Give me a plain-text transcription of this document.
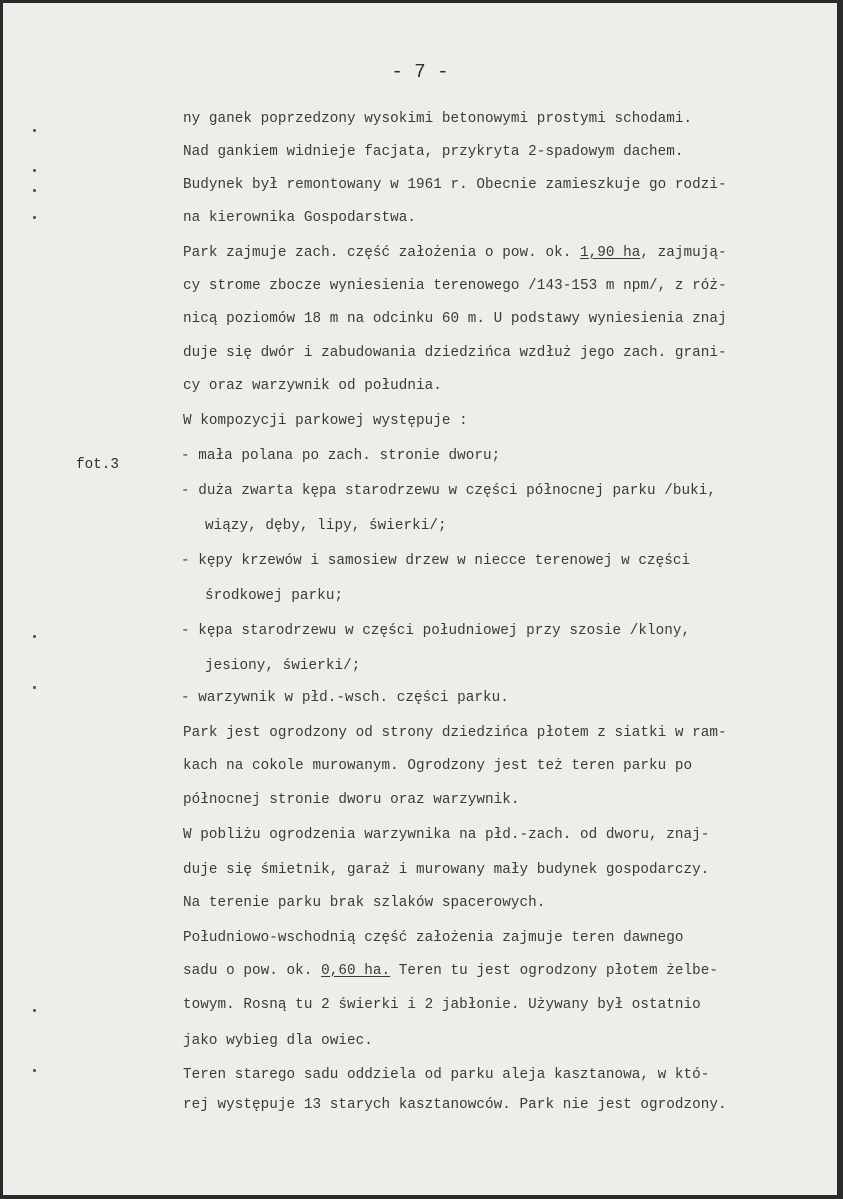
- 7 -
fot.3
ny ganek poprzedzony wysokimi betonowymi prostymi schodami.
Nad gankiem widnieje facjata, przykryta 2-spadowym dachem.
Budynek był remontowany w 1961 r. Obecnie zamieszkuje go rodzi-
na kierownika Gospodarstwa.
Park zajmuje zach. część założenia o pow. ok. 1,90 ha, zajmują-
cy strome zbocze wyniesienia terenowego /143-153 m npm/, z róż-
nicą poziomów 18 m na odcinku 60 m. U podstawy wyniesienia znaj
duje się dwór i zabudowania dziedzińca wzdłuż jego zach. grani-
cy oraz warzywnik od południa.
W kompozycji parkowej występuje :
- mała polana po zach. stronie dworu;
- duża zwarta kępa starodrzewu w części północnej parku /buki,
wiązy, dęby, lipy, świerki/;
- kępy krzewów i samosiew drzew w niecce terenowej w części
środkowej parku;
- kępa starodrzewu w części południowej przy szosie /klony,
jesiony, świerki/;
- warzywnik w płd.-wsch. części parku.
Park jest ogrodzony od strony dziedzińca płotem z siatki w ram-
kach na cokole murowanym. Ogrodzony jest też teren parku po
północnej stronie dworu oraz warzywnik.
W pobliżu ogrodzenia warzywnika na płd.-zach. od dworu, znaj-
duje się śmietnik, garaż i murowany mały budynek gospodarczy.
Na terenie parku brak szlaków spacerowych.
Południowo-wschodnią część założenia zajmuje teren dawnego
sadu o pow. ok. 0,60 ha. Teren tu jest ogrodzony płotem żelbe-
towym. Rosną tu 2 świerki i 2 jabłonie. Używany był ostatnio
jako wybieg dla owiec.
Teren starego sadu oddziela od parku aleja kasztanowa, w któ-
rej występuje 13 starych kasztanowców. Park nie jest ogrodzony.
